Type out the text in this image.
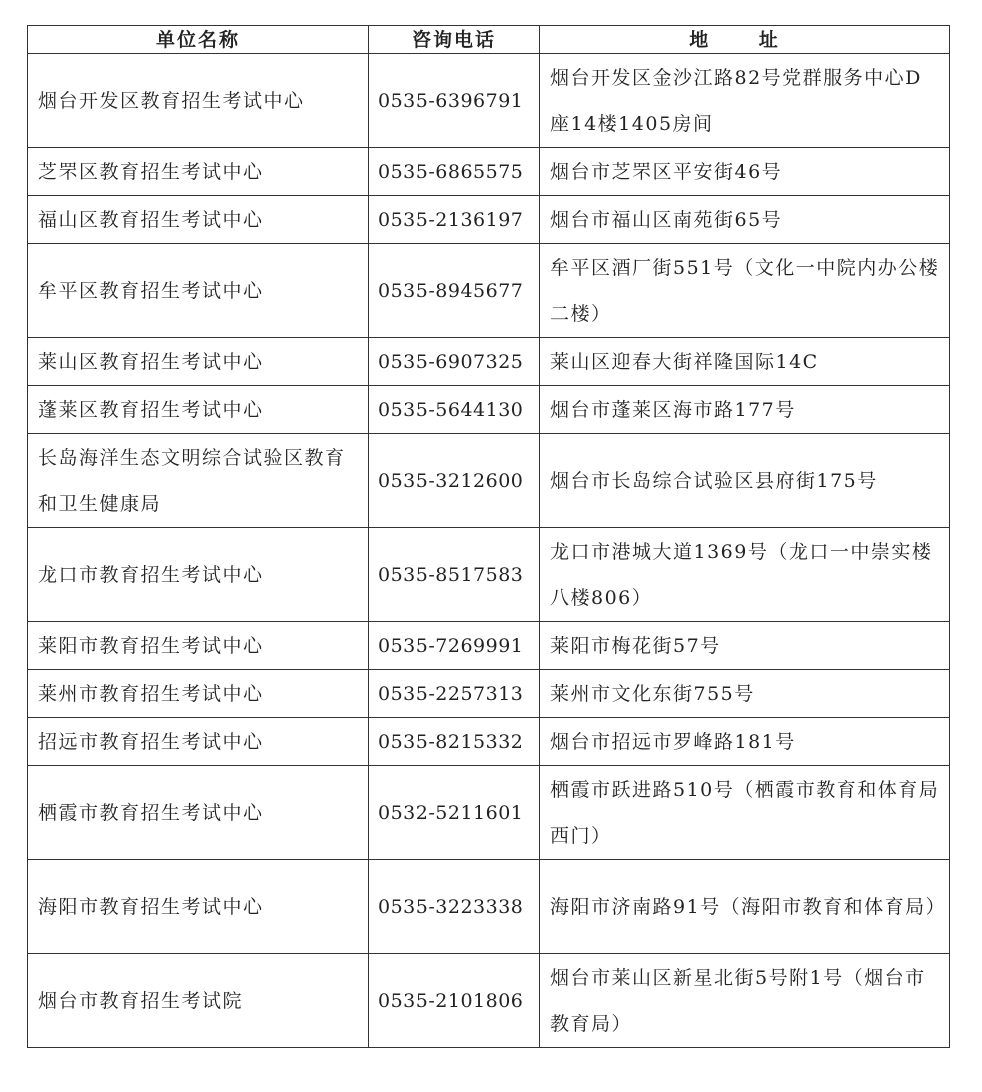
单位名称	咨询电话	地 址
烟台开发区教育招生考试中心	0535-6396791	烟台开发区金沙江路82号党群服务中心D座14楼1405房间
芝罘区教育招生考试中心	0535-6865575	烟台市芝罘区平安街46号
福山区教育招生考试中心	0535-2136197	烟台市福山区南苑街65号
牟平区教育招生考试中心	0535-8945677	牟平区酒厂街551号（文化一中院内办公楼二楼）
莱山区教育招生考试中心	0535-6907325	莱山区迎春大街祥隆国际14C
蓬莱区教育招生考试中心	0535-5644130	烟台市蓬莱区海市路177号
长岛海洋生态文明综合试验区教育和卫生健康局	0535-3212600	烟台市长岛综合试验区县府街175号
龙口市教育招生考试中心	0535-8517583	龙口市港城大道1369号（龙口一中崇实楼八楼806）
莱阳市教育招生考试中心	0535-7269991	莱阳市梅花街57号
莱州市教育招生考试中心	0535-2257313	莱州市文化东街755号
招远市教育招生考试中心	0535-8215332	烟台市招远市罗峰路181号
栖霞市教育招生考试中心	0532-5211601	栖霞市跃进路510号（栖霞市教育和体育局西门）
海阳市教育招生考试中心	0535-3223338	海阳市济南路91号（海阳市教育和体育局）
烟台市教育招生考试院	0535-2101806	烟台市莱山区新星北街5号附1号（烟台市教育局）
